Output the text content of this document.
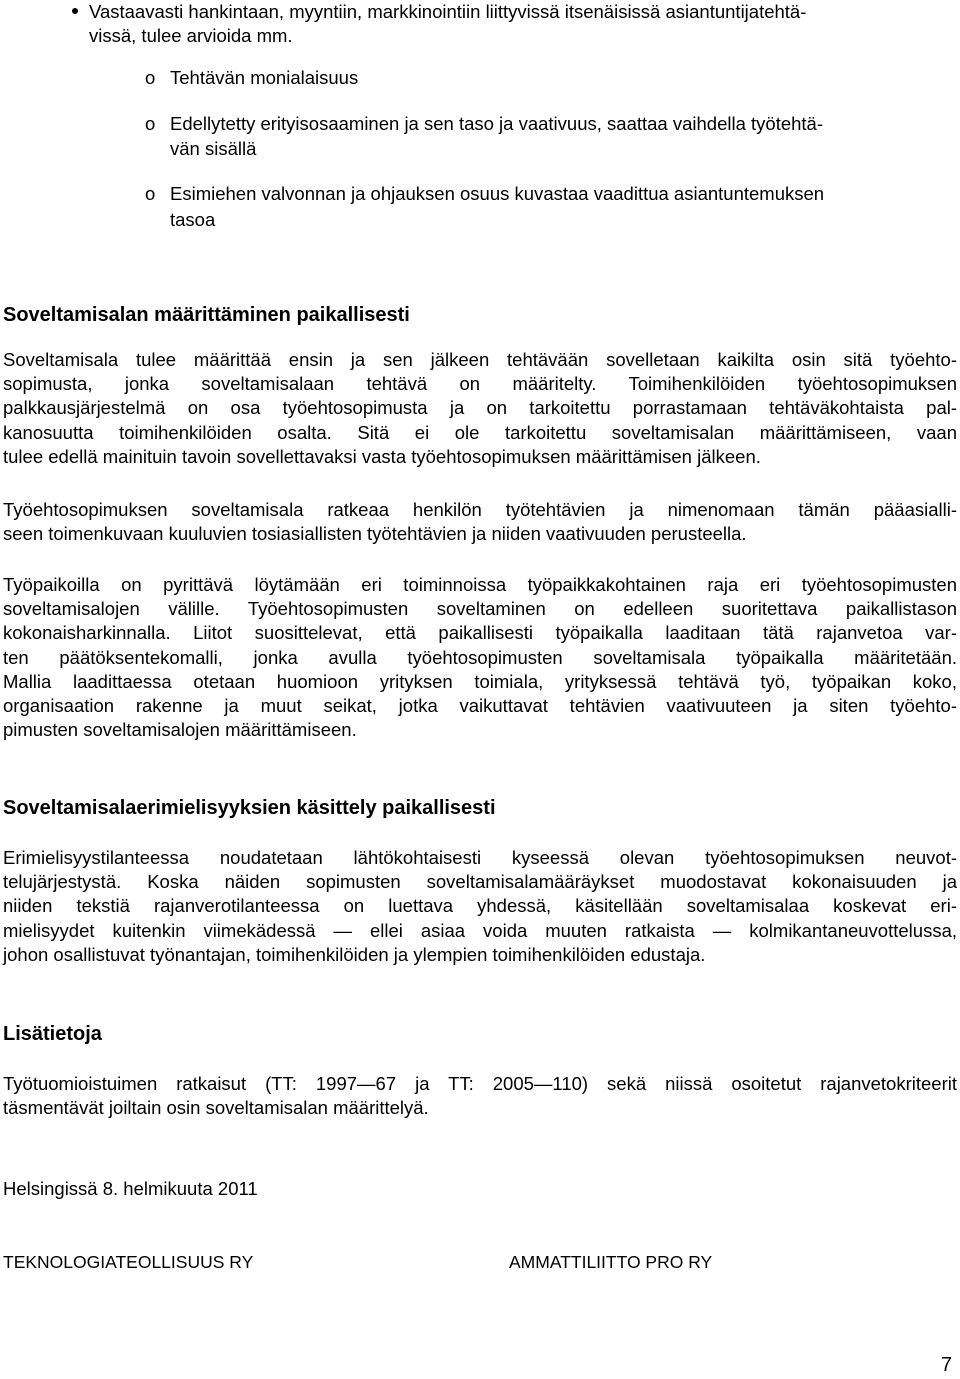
Vastaavasti hankintaan, myyntiin, markkinointiin liittyvissä itsenäisissä asiantuntijatehtä-
vissä, tulee arvioida mm.
o Tehtävän monialaisuus
o Edellytetty erityisosaaminen ja sen taso ja vaativuus, saattaa vaihdella työtehtä-
vän sisällä
o Esimiehen valvonnan ja ohjauksen osuus kuvastaa vaadittua asiantuntemuksen
tasoa
Soveltamisalan määrittäminen paikallisesti
Soveltamisala tulee määrittää ensin ja sen jälkeen tehtävään sovelletaan kaikilta osin sitä työehto-
sopimusta, jonka soveltamisalaan tehtävä on määritelty. Toimihenkilöiden työehtosopimuksen
palkkausjärjestelmä on osa työehtosopimusta ja on tarkoitettu porrastamaan tehtäväkohtaista pal-
kanosuutta toimihenkilöiden osalta. Sitä ei ole tarkoitettu soveltamisalan määrittämiseen, vaan
tulee edellä mainituin tavoin sovellettavaksi vasta työehtosopimuksen määrittämisen jälkeen.
Työehtosopimuksen soveltamisala ratkeaa henkilön työtehtävien ja nimenomaan tämän pääasialli-
seen toimenkuvaan kuuluvien tosiasiallisten työtehtävien ja niiden vaativuuden perusteella.
Työpaikoilla on pyrittävä löytämään eri toiminnoissa työpaikkakohtainen raja eri työehtosopimusten
soveltamisalojen välille. Työehtosopimusten soveltaminen on edelleen suoritettava paikallistason
kokonaisharkinnalla. Liitot suosittelevat, että paikallisesti työpaikalla laaditaan tätä rajanvetoa var-
ten päätöksentekomalli, jonka avulla työehtosopimusten soveltamisala työpaikalla määritetään.
Mallia laadittaessa otetaan huomioon yrityksen toimiala, yrityksessä tehtävä työ, työpaikan koko,
organisaation rakenne ja muut seikat, jotka vaikuttavat tehtävien vaativuuteen ja siten työehto-
pimusten soveltamisalojen määrittämiseen.
Soveltamisalaerimielisyyksien käsittely paikallisesti
Erimielisyystilanteessa noudatetaan lähtökohtaisesti kyseessä olevan työehtosopimuksen neuvot-
telujärjestystä. Koska näiden sopimusten soveltamisalamääräykset muodostavat kokonaisuuden ja
niiden tekstiä rajanverotilanteessa on luettava yhdessä, käsitellään soveltamisalaa koskevat eri-
mielisyydet kuitenkin viimekädessä — ellei asiaa voida muuten ratkaista — kolmikantaneuvottelussa,
johon osallistuvat työnantajan, toimihenkilöiden ja ylempien toimihenkilöiden edustaja.
Lisätietoja
Työtuomioistuimen ratkaisut (TT: 1997—67 ja TT: 2005—110) sekä niissä osoitetut rajanvetokriteerit
täsmentävät joiltain osin soveltamisalan määrittelyä.
Helsingissä 8. helmikuuta 2011
TEKNOLOGIATEOLLISUUS RY	AMMATTILIITTO PRO RY
7
